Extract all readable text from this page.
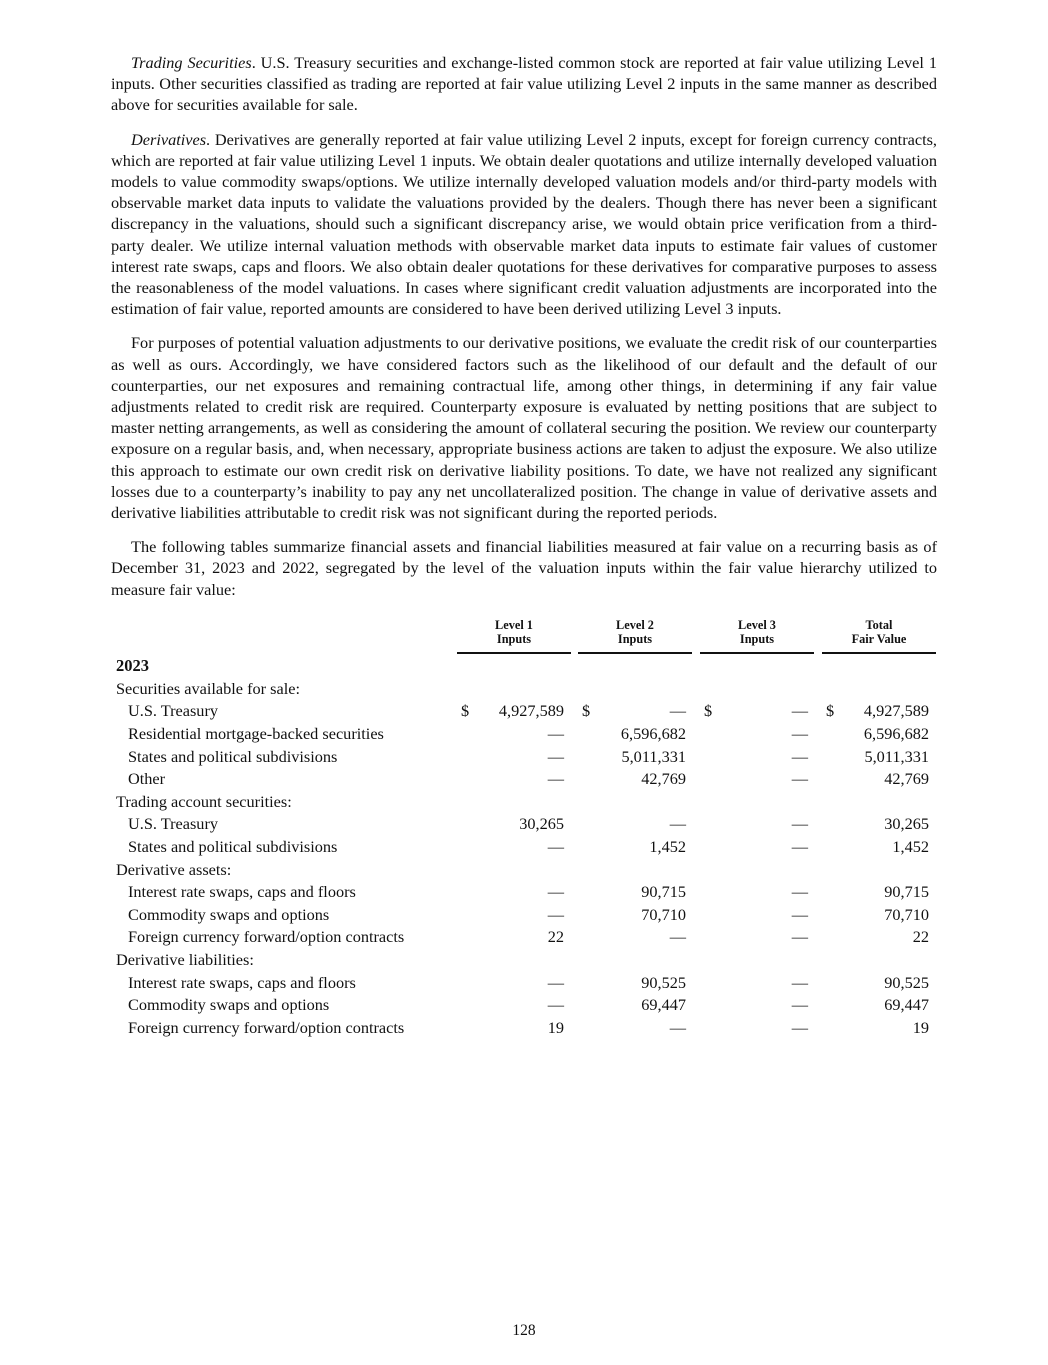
Trading Securities. U.S. Treasury securities and exchange-listed common stock are reported at fair value utilizing Level 1 inputs. Other securities classified as trading are reported at fair value utilizing Level 2 inputs in the same manner as described above for securities available for sale.

Derivatives. Derivatives are generally reported at fair value utilizing Level 2 inputs, except for foreign currency contracts, which are reported at fair value utilizing Level 1 inputs. We obtain dealer quotations and utilize internally developed valuation models to value commodity swaps/options. We utilize internally developed valuation models and/or third-party models with observable market data inputs to validate the valuations provided by the dealers. Though there has never been a significant discrepancy in the valuations, should such a significant discrepancy arise, we would obtain price verification from a third-party dealer. We utilize internal valuation methods with observable market data inputs to estimate fair values of customer interest rate swaps, caps and floors. We also obtain dealer quotations for these derivatives for comparative purposes to assess the reasonableness of the model valuations. In cases where significant credit valuation adjustments are incorporated into the estimation of fair value, reported amounts are considered to have been derived utilizing Level 3 inputs.

For purposes of potential valuation adjustments to our derivative positions, we evaluate the credit risk of our counterparties as well as ours. Accordingly, we have considered factors such as the likelihood of our default and the default of our counterparties, our net exposures and remaining contractual life, among other things, in determining if any fair value adjustments related to credit risk are required. Counterparty exposure is evaluated by netting positions that are subject to master netting arrangements, as well as considering the amount of collateral securing the position. We review our counterparty exposure on a regular basis, and, when necessary, appropriate business actions are taken to adjust the exposure. We also utilize this approach to estimate our own credit risk on derivative liability positions. To date, we have not realized any significant losses due to a counterparty’s inability to pay any net uncollateralized position. The change in value of derivative assets and derivative liabilities attributable to credit risk was not significant during the reported periods.

The following tables summarize financial assets and financial liabilities measured at fair value on a recurring basis as of December 31, 2023 and 2022, segregated by the level of the valuation inputs within the fair value hierarchy utilized to measure fair value:

Level 1
Inputs
Level 2
Inputs
Level 3
Inputs
Total
Fair Value
2023
Securities available for sale:
U.S. Treasury	$	4,927,589 $	— $	— $	4,927,589
Residential mortgage-backed securities	—	6,596,682	—	6,596,682
States and political subdivisions	—	5,011,331	—	5,011,331
Other	—	42,769	—	42,769
Trading account securities:
U.S. Treasury	30,265	—	—	30,265
States and political subdivisions	—	1,452	—	1,452
Derivative assets:
Interest rate swaps, caps and floors	—	90,715	—	90,715
Commodity swaps and options	—	70,710	—	70,710
Foreign currency forward/option contracts	22	—	—	22
Derivative liabilities:
Interest rate swaps, caps and floors	—	90,525	—	90,525
Commodity swaps and options	—	69,447	—	69,447
Foreign currency forward/option contracts	19	—	—	19
128
